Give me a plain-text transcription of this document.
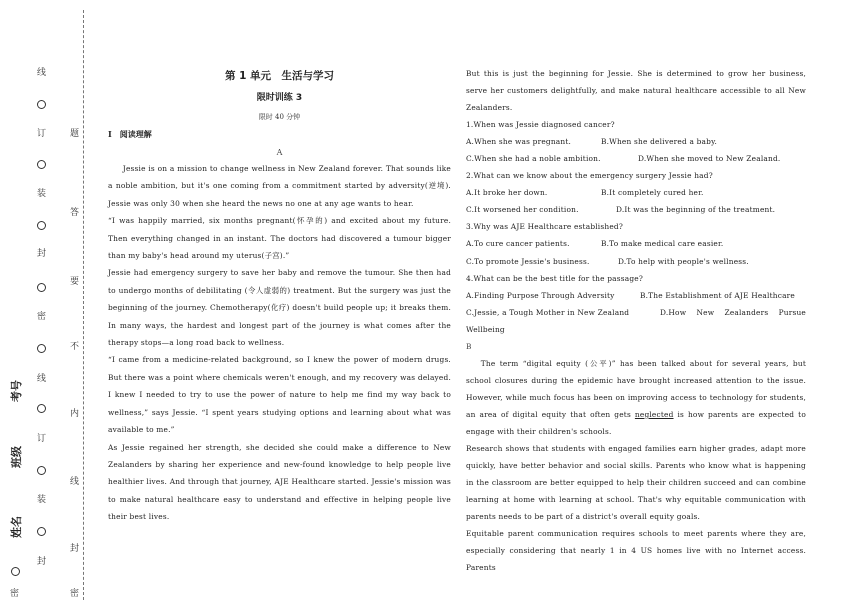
线
订
装
封
密
线
订
装
封
密
题
答
要
不
内
线
封
密
考号
班级
姓名
第 1 单元　生活与学习
限时训练 3
限时 40 分钟
Ⅰ　阅读理解
A

Jessie is on a mission to change wellness in New Zealand forever. That sounds like a noble ambition, but it's one coming from a commitment started by adversity(逆境). Jessie was only 30 when she heard the news no one at any age wants to hear.

“I was happily married, six months pregnant(怀孕的) and excited about my future. Then everything changed in an instant. The doctors had discovered a tumour bigger than my baby's head around my uterus(子宫).”

Jessie had emergency surgery to save her baby and remove the tumour. She then had to undergo months of debilitating (令人虚弱的) treatment. But the surgery was just the beginning of the journey. Chemotherapy(化疗) doesn't build people up; it breaks them. In many ways, the hardest and longest part of the journey is what comes after the therapy stops—a long road back to wellness.

“I came from a medicine-related background, so I knew the power of modern drugs. But there was a point where chemicals weren't enough, and my recovery was delayed. I knew I needed to try to use the power of nature to help me find my way back to wellness,” says Jessie. “I spent years studying options and learning about what was available to me.”

As Jessie regained her strength, she decided she could make a difference to New Zealanders by sharing her experience and new-found knowledge to help people live healthier lives. And through that journey, AJE Healthcare started. Jessie's mission was to make natural healthcare easy to understand and effective in helping people live their best lives.

But this is just the beginning for Jessie. She is determined to grow her business, serve her customers delightfully, and make natural healthcare accessible to all New Zealanders.

1.When was Jessie diagnosed cancer?

A.When she was pregnant.	B.When she delivered a baby.
C.When she had a noble ambition.	D.When she moved to New Zealand.

2.What can we know about the emergency surgery Jessie had?

A.It broke her down.	B.It completely cured her.
C.It worsened her condition.	D.It was the beginning of the treatment.

3.Why was AJE Healthcare established?

A.To cure cancer patients.	B.To make medical care easier.
C.To promote Jessie's business.	D.To help with people's wellness.

4.What can be the best title for the passage?

A.Finding Purpose Through Adversity	B.The Establishment of AJE Healthcare

C.Jessie, a Tough Mother in New Zealand	D.How New Zealanders Pursue Wellbeing

B

The term “digital equity (公平)” has been talked about for several years, but school closures during the epidemic have brought increased attention to the issue. However, while much focus has been on improving access to technology for students, an area of digital equity that often gets neglected is how parents are expected to engage with their children's schools.

Research shows that students with engaged families earn higher grades, adapt more quickly, have better behavior and social skills. Parents who know what is happening in the classroom are better equipped to help their children succeed and can combine learning at home with learning at school. That's why equitable communication with parents needs to be part of a district's overall equity goals.

Equitable parent communication requires schools to meet parents where they are, especially considering that nearly 1 in 4 US homes live with no Internet access. Parents
